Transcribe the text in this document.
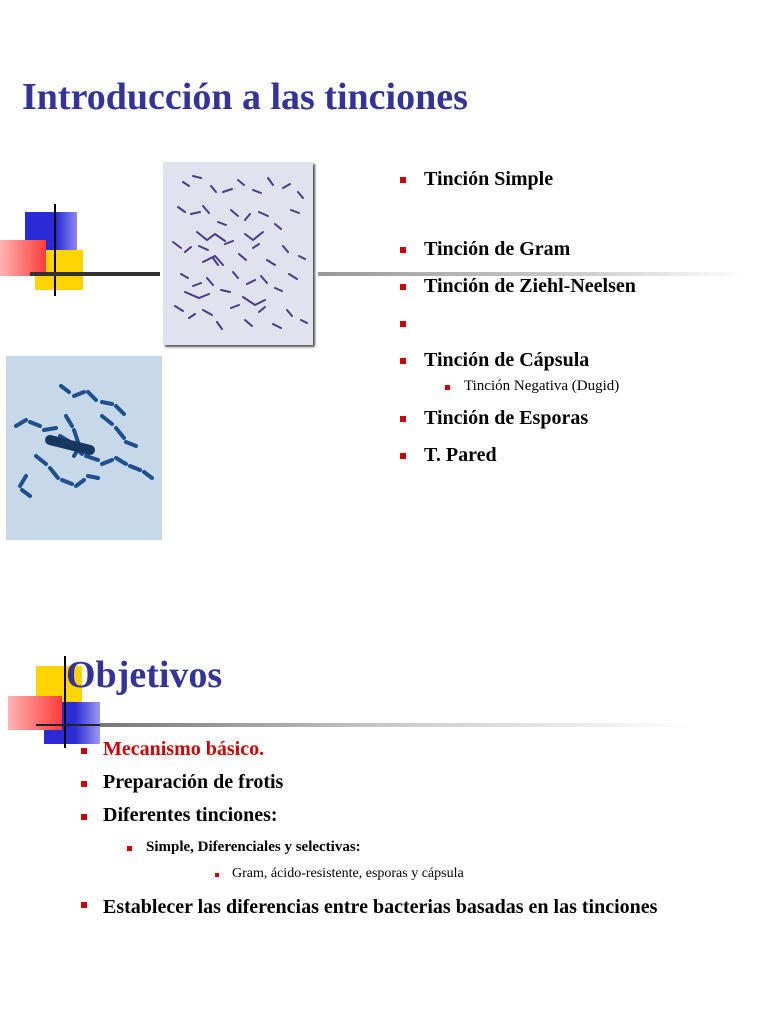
Introducción a las tinciones
Tinción Simple
Tinción de Gram
Tinción de Ziehl-Neelsen
Tinción de Cápsula
Tinción Negativa (Dugid)
Tinción de Esporas
T. Pared
Objetivos
Mecanismo básico.
Preparación de frotis
Diferentes tinciones:
Simple, Diferenciales y selectivas:
Gram, ácido-resistente, esporas y cápsula
Establecer las diferencias entre bacterias basadas en las tinciones
